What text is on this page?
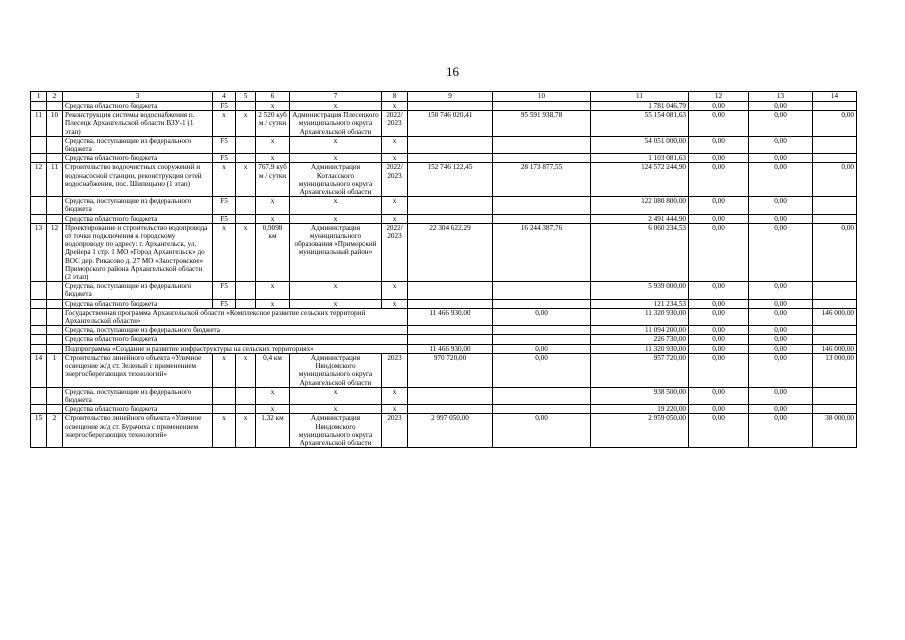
16
1	2	3	4	5	6	7	8	9	10	11	12	13	14
		Средства областного бюджета	F5		x	x	x			1 781 046,79	0,00	0,00	
11	10	Реконструкция системы водоснабжения п. Плесецк Архангельской области ВЗУ-1 (1 этап)	x	x	2 520 куб м / сутки	Администрация Плесецкого муниципального округа Архангельской области	2022/ 2023	150 746 020,41	95 591 938,78	55 154 081,63	0,00	0,00	0,00
		Средства, поступающие из федерального бюджета	F5		x	x	x			54 051 000,00	0,00	0,00	
		Средства областного бюджета	F5		x	x	x			1 103 081,63	0,00	0,00	
12	11	Строительство водоочистных сооружений и водонасосной станции, реконструкция сетей водоснабжения, пос. Шипицыно (1 этап)	x	x	767,9 куб м / сутки	Администрация Котласского муниципального округа Архангельской области	2022/ 2023	152 746 122,45	28 173 877,55	124 572 244,90	0,00	0,00	0,00
		Средства, поступающие из федерального бюджета	F5		x	x	x			122 080 800,00	0,00	0,00	
		Средства областного бюджета	F5		x	x	x			2 491 444,90	0,00	0,00	
13	12	Проектирование и строительство водопровода от точки подключения к городскому водопроводу по адресу: г. Архангельск, ул. Дрейера 1 стр. 1 МО «Город Архангельск» до ВОС дер. Рикасово д. 27 МО «Заостровское» Приморского района Архангельской области (2 этап)	x	x	0,9098 км	Администрация муниципального образования «Приморский муниципальный район»	2022/ 2023	22 304 622,29	16 244 387,76	6 060 234,53	0,00	0,00	0,00
		Средства, поступающие из федерального бюджета	F5		x	x	x			5 939 000,00	0,00	0,00	
		Средства областного бюджета	F5		x	x	x			121 234,53	0,00	0,00	
		Государственная программа Архангельской области «Комплексное развитие сельских территорий Архангельской области»						11 466 930,00	0,00	11 320 930,00	0,00	0,00	146 000,00
		Средства, поступающие из федерального бюджета								11 094 200,00	0,00	0,00	
		Средства областного бюджета								226 730,00	0,00	0,00	
		Подпрограмма «Создание и развитие инфраструктуры на сельских территориях»						11 466 930,00	0,00	11 320 930,00	0,00	0,00	146 000,00
14	1	Строительство линейного объекта «Уличное освещение ж/д ст. Зеленый с применением энергосберегающих технологий»	x	x	0,4 км	Администрация Няндомского муниципального округа Архангельской области	2023	970 720,00	0,00	957 720,00	0,00	0,00	13 000,00
		Средства, поступающие из федерального бюджета			x	x	x			938 500,00	0,00	0,00	
		Средства областного бюджета			x	x	x			19 220,00	0,00	0,00	
15	2	Строительство линейного объекта «Уличное освещение ж/д ст. Бурачиха с применением энергосберегающих технологий»	x	x	1,32 км	Администрация Няндомского муниципального округа Архангельской области	2023	2 997 050,00	0,00	2 959 050,00	0,00	0,00	38 000,00
